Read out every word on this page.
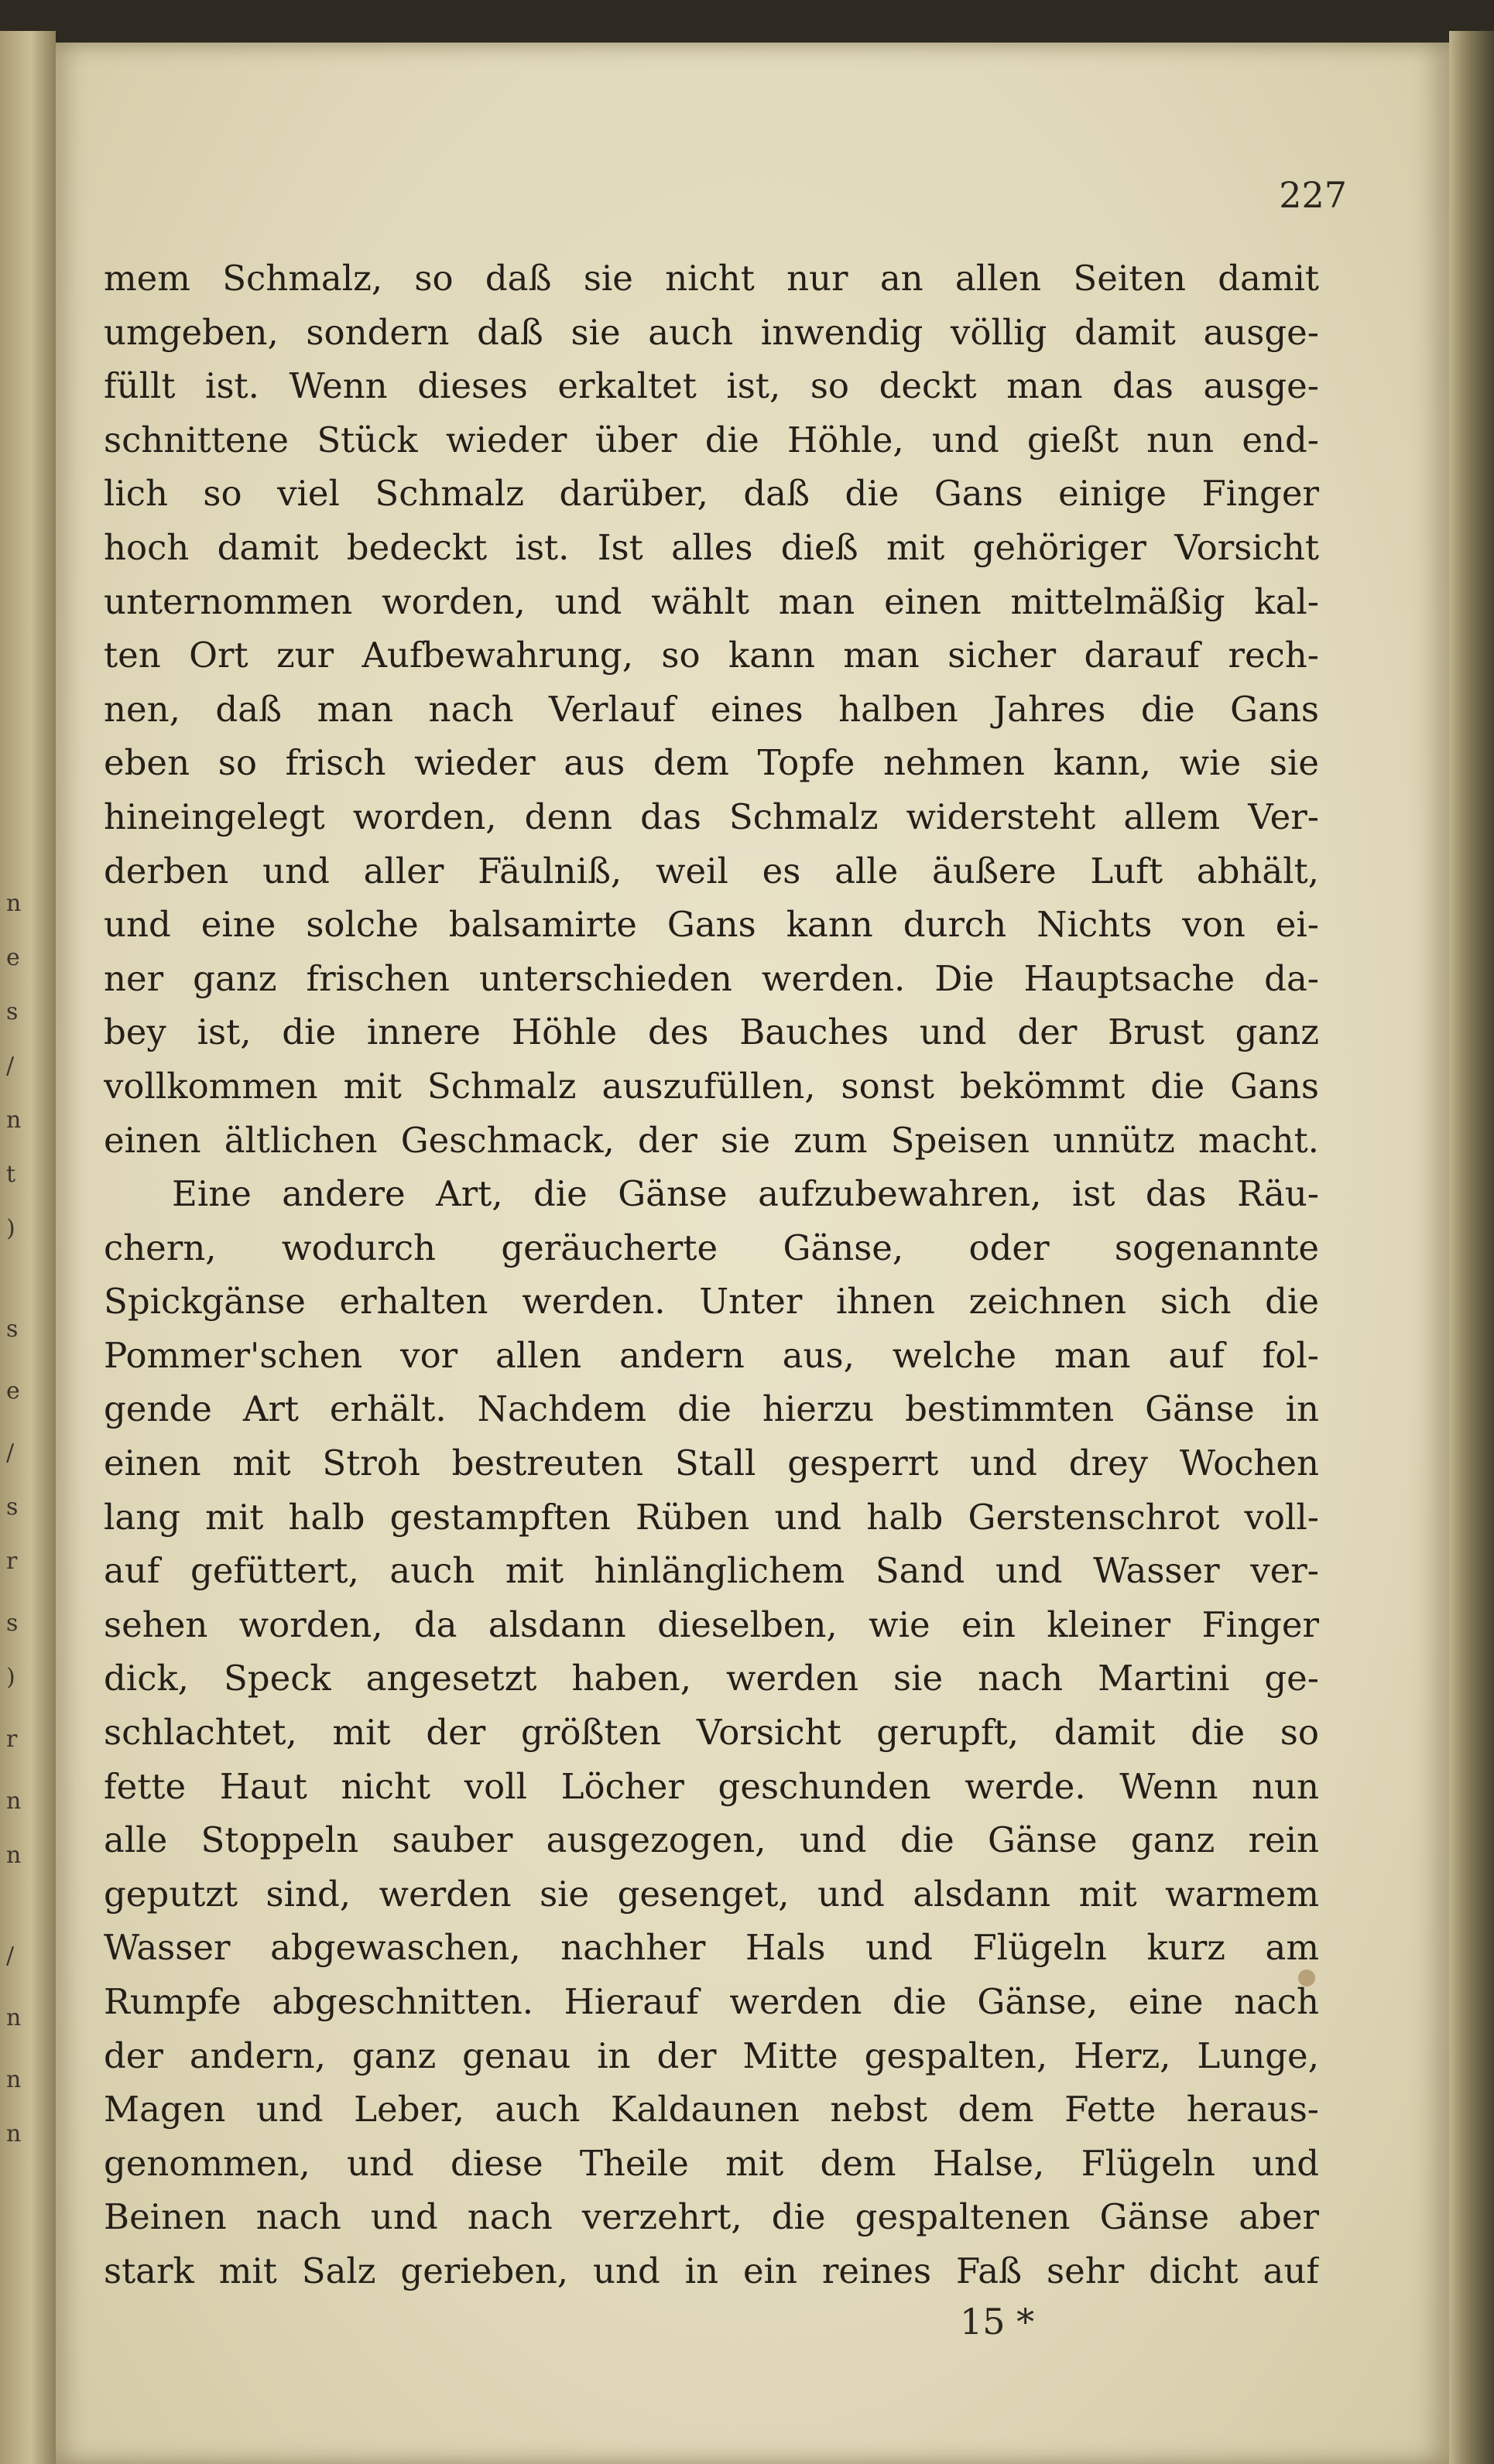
n
e
s
/
n
t
)
s
e
/
s
r
s
)
r
n
n
/
n
n
n
227
mem Schmalz, so daß sie nicht nur an allen Seiten damit
umgeben, sondern daß sie auch inwendig völlig damit ausge-
füllt ist. Wenn dieses erkaltet ist, so deckt man das ausge-
schnittene Stück wieder über die Höhle, und gießt nun end-
lich so viel Schmalz darüber, daß die Gans einige Finger
hoch damit bedeckt ist. Ist alles dieß mit gehöriger Vorsicht
unternommen worden, und wählt man einen mittelmäßig kal-
ten Ort zur Aufbewahrung, so kann man sicher darauf rech-
nen, daß man nach Verlauf eines halben Jahres die Gans
eben so frisch wieder aus dem Topfe nehmen kann, wie sie
hineingelegt worden, denn das Schmalz widersteht allem Ver-
derben und aller Fäulniß, weil es alle äußere Luft abhält,
und eine solche balsamirte Gans kann durch Nichts von ei-
ner ganz frischen unterschieden werden. Die Hauptsache da-
bey ist, die innere Höhle des Bauches und der Brust ganz
vollkommen mit Schmalz auszufüllen, sonst bekömmt die Gans
einen ältlichen Geschmack, der sie zum Speisen unnütz macht.
Eine andere Art, die Gänse aufzubewahren, ist das Räu-
chern, wodurch geräucherte Gänse, oder sogenannte
Spickgänse erhalten werden. Unter ihnen zeichnen sich die
Pommer'schen vor allen andern aus, welche man auf fol-
gende Art erhält. Nachdem die hierzu bestimmten Gänse in
einen mit Stroh bestreuten Stall gesperrt und drey Wochen
lang mit halb gestampften Rüben und halb Gerstenschrot voll-
auf gefüttert, auch mit hinlänglichem Sand und Wasser ver-
sehen worden, da alsdann dieselben, wie ein kleiner Finger
dick, Speck angesetzt haben, werden sie nach Martini ge-
schlachtet, mit der größten Vorsicht gerupft, damit die so
fette Haut nicht voll Löcher geschunden werde. Wenn nun
alle Stoppeln sauber ausgezogen, und die Gänse ganz rein
geputzt sind, werden sie gesenget, und alsdann mit warmem
Wasser abgewaschen, nachher Hals und Flügeln kurz am
Rumpfe abgeschnitten. Hierauf werden die Gänse, eine nach
der andern, ganz genau in der Mitte gespalten, Herz, Lunge,
Magen und Leber, auch Kaldaunen nebst dem Fette heraus-
genommen, und diese Theile mit dem Halse, Flügeln und
Beinen nach und nach verzehrt, die gespaltenen Gänse aber
stark mit Salz gerieben, und in ein reines Faß sehr dicht auf
15 *
